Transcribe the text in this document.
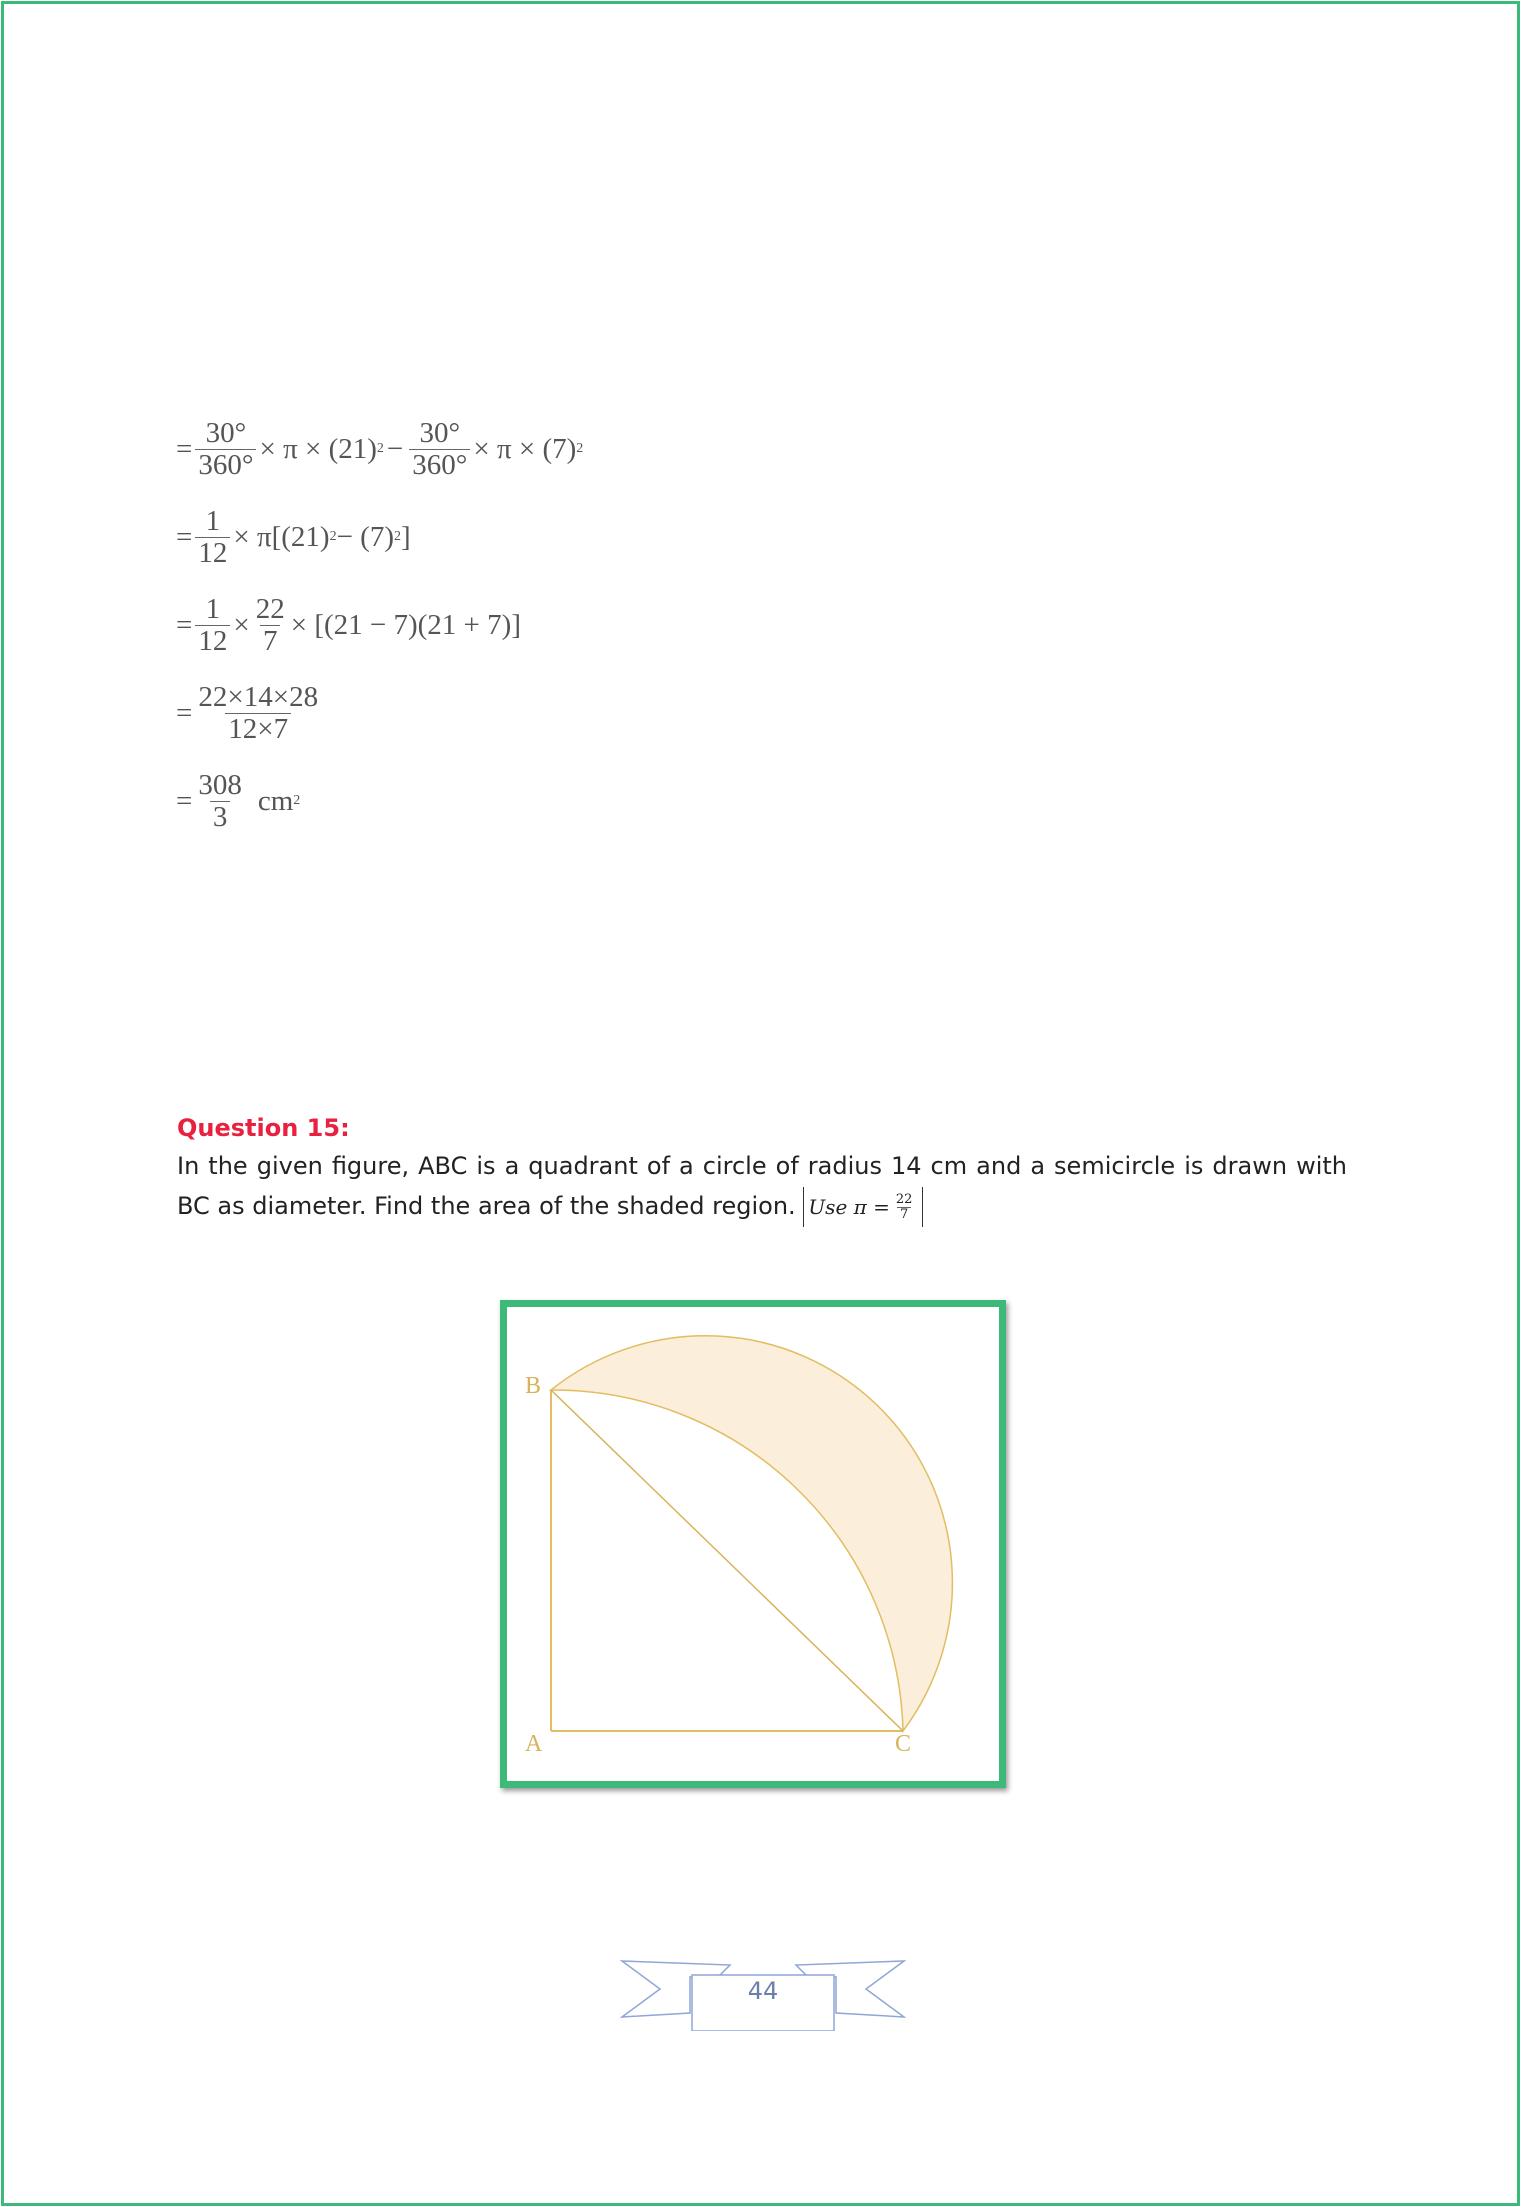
= $\frac{30^\circ}{360^\circ} \times \pi \times (21) 2 - \frac{30^\circ}{360^\circ} \times \pi \times (7)$ 2
= $\frac{1}{12} \times \pi[(21) 2 - (7)$ 2 ]
= $\frac{1}{12} \times \frac{22}{7} \times [(21 - 7)(21 + 7)]$
= $\frac{22\times 14\times 28}{12\times 7}$
= $\frac{308}{3}$ cm 2
Question 15:
In the given figure, ABC is a quadrant of a circle of radius 14 cm and a semicircle is drawn with BC as diameter. Find the area of the shaded region. Use $\pi = \frac{22}{7}$
B
A	C
44
